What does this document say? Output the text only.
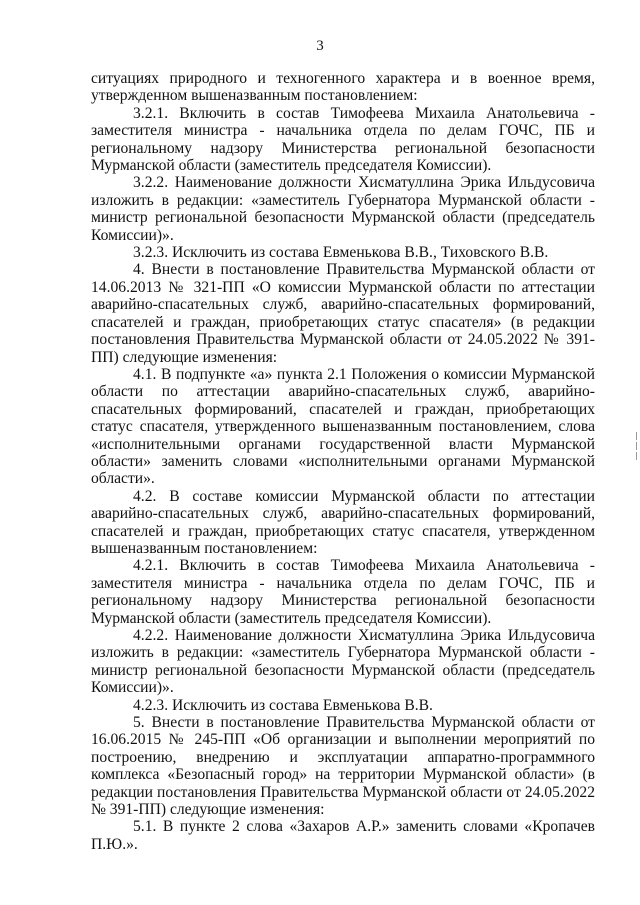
3

ситуациях природного и техногенного характера и в военное время, утвержденном вышеназванным постановлением:

3.2.1. Включить в состав Тимофеева Михаила Анатольевича - заместителя министра - начальника отдела по делам ГОЧС, ПБ и региональному надзору Министерства региональной безопасности Мурманской области (заместитель председателя Комиссии).

3.2.2. Наименование должности Хисматуллина Эрика Ильдусовича изложить в редакции: «заместитель Губернатора Мурманской области - министр региональной безопасности Мурманской области (председатель Комиссии)».

3.2.3. Исключить из состава Евменькова В.В., Тиховского В.В.

4. Внести в постановление Правительства Мурманской области от 14.06.2013 № 321-ПП «О комиссии Мурманской области по аттестации аварийно-спасательных служб, аварийно-спасательных формирований, спасателей и граждан, приобретающих статус спасателя» (в редакции постановления Правительства Мурманской области от 24.05.2022 № 391-ПП) следующие изменения:

4.1. В подпункте «а» пункта 2.1 Положения о комиссии Мурманской области по аттестации аварийно-спасательных служб, аварийно-спасательных формирований, спасателей и граждан, приобретающих статус спасателя, утвержденного вышеназванным постановлением, слова «исполнительными органами государственной власти Мурманской области» заменить словами «исполнительными органами Мурманской области».

4.2. В составе комиссии Мурманской области по аттестации аварийно-спасательных служб, аварийно-спасательных формирований, спасателей и граждан, приобретающих статус спасателя, утвержденном вышеназванным постановлением:

4.2.1. Включить в состав Тимофеева Михаила Анатольевича - заместителя министра - начальника отдела по делам ГОЧС, ПБ и региональному надзору Министерства региональной безопасности Мурманской области (заместитель председателя Комиссии).

4.2.2. Наименование должности Хисматуллина Эрика Ильдусовича изложить в редакции: «заместитель Губернатора Мурманской области - министр региональной безопасности Мурманской области (председатель Комиссии)».

4.2.3. Исключить из состава Евменькова В.В.

5. Внести в постановление Правительства Мурманской области от 16.06.2015 № 245-ПП «Об организации и выполнении мероприятий по построению, внедрению и эксплуатации аппаратно-программного комплекса «Безопасный город» на территории Мурманской области» (в редакции постановления Правительства Мурманской области от 24.05.2022 № 391-ПП) следующие изменения:

5.1. В пункте 2 слова «Захаров А.Р.» заменить словами «Кропачев П.Ю.».
